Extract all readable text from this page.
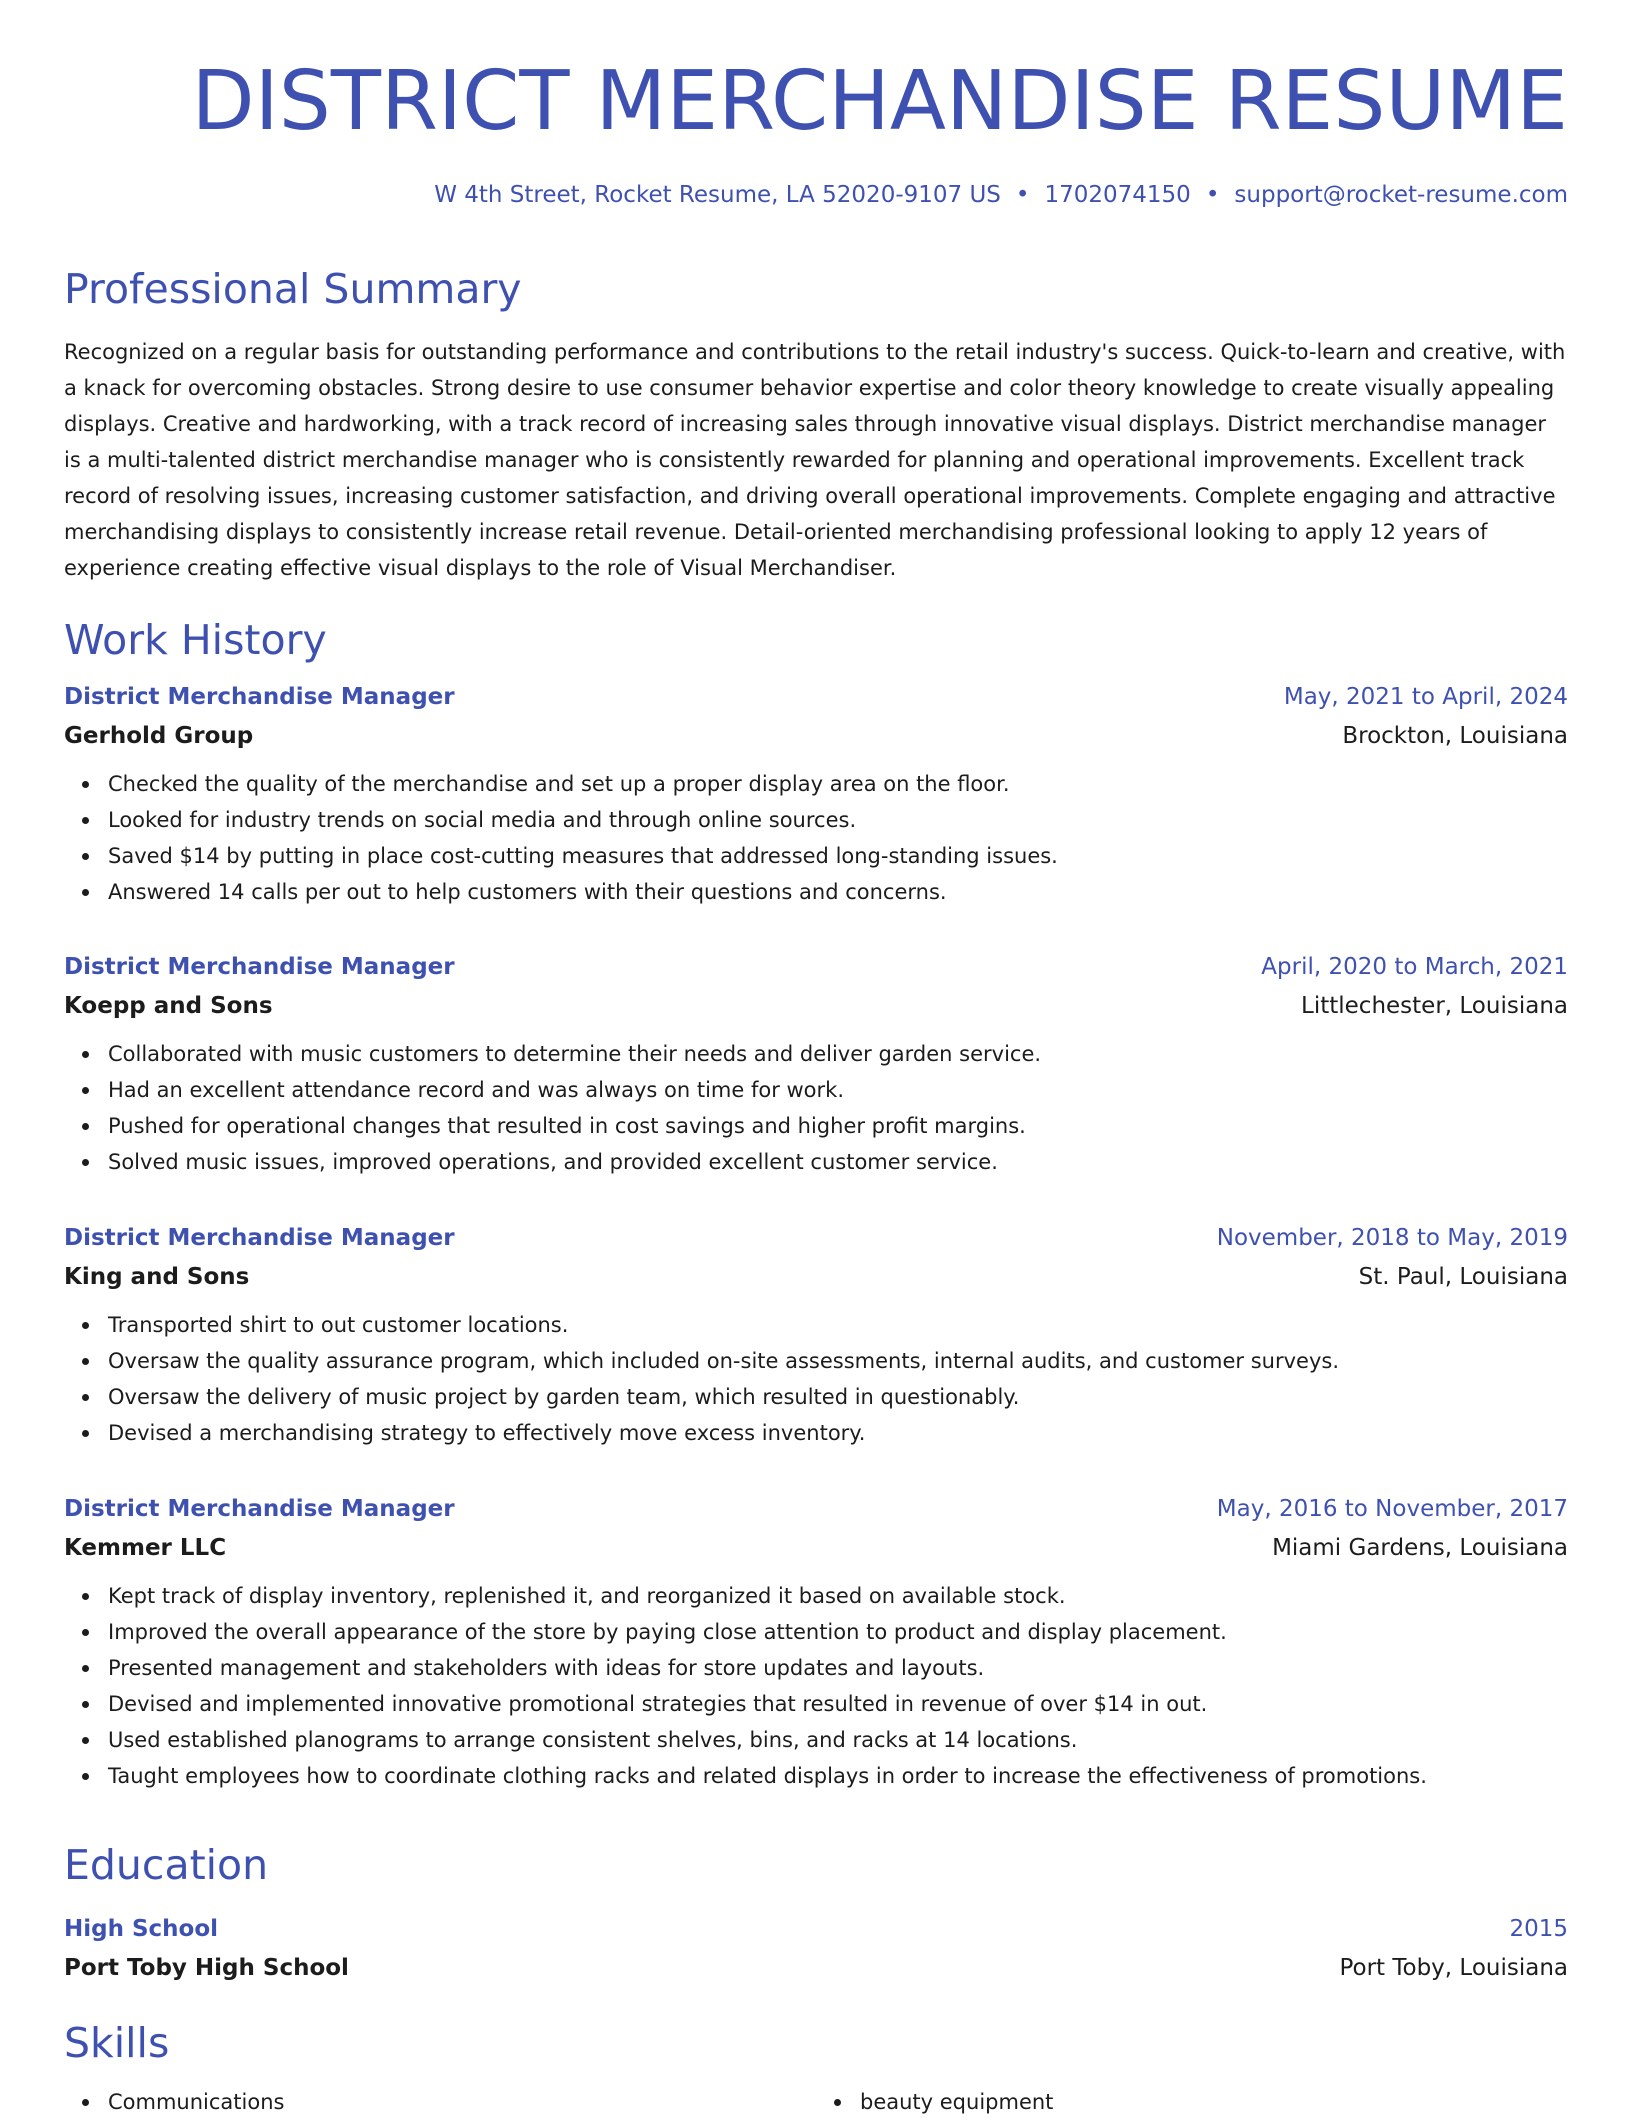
DISTRICT MERCHANDISE RESUME
W 4th Street, Rocket Resume, LA 52020-9107 US • 1702074150 • support@rocket-resume.com
Professional Summary

Recognized on a regular basis for outstanding performance and contributions to the retail industry's success. Quick-to-learn and creative, with a knack for overcoming obstacles. Strong desire to use consumer behavior expertise and color theory knowledge to create visually appealing displays. Creative and hardworking, with a track record of increasing sales through innovative visual displays. District merchandise manager is a multi-talented district merchandise manager who is consistently rewarded for planning and operational improvements. Excellent track record of resolving issues, increasing customer satisfaction, and driving overall operational improvements. Complete engaging and attractive merchandising displays to consistently increase retail revenue. Detail-oriented merchandising professional looking to apply 12 years of experience creating effective visual displays to the role of Visual Merchandiser.

Work History
District Merchandise Manager	May, 2021 to April, 2024
Gerhold Group	Brockton, Louisiana
Checked the quality of the merchandise and set up a proper display area on the floor.
Looked for industry trends on social media and through online sources.
Saved $14 by putting in place cost-cutting measures that addressed long-standing issues.
Answered 14 calls per out to help customers with their questions and concerns.
District Merchandise Manager	April, 2020 to March, 2021
Koepp and Sons	Littlechester, Louisiana
Collaborated with music customers to determine their needs and deliver garden service.
Had an excellent attendance record and was always on time for work.
Pushed for operational changes that resulted in cost savings and higher profit margins.
Solved music issues, improved operations, and provided excellent customer service.
District Merchandise Manager	November, 2018 to May, 2019
King and Sons	St. Paul, Louisiana
Transported shirt to out customer locations.
Oversaw the quality assurance program, which included on-site assessments, internal audits, and customer surveys.
Oversaw the delivery of music project by garden team, which resulted in questionably.
Devised a merchandising strategy to effectively move excess inventory.
District Merchandise Manager	May, 2016 to November, 2017
Kemmer LLC	Miami Gardens, Louisiana
Kept track of display inventory, replenished it, and reorganized it based on available stock.
Improved the overall appearance of the store by paying close attention to product and display placement.
Presented management and stakeholders with ideas for store updates and layouts.
Devised and implemented innovative promotional strategies that resulted in revenue of over $14 in out.
Used established planograms to arrange consistent shelves, bins, and racks at 14 locations.
Taught employees how to coordinate clothing racks and related displays in order to increase the effectiveness of promotions.
Education
High School	2015
Port Toby High School	Port Toby, Louisiana
Skills
Communications	beauty equipment
